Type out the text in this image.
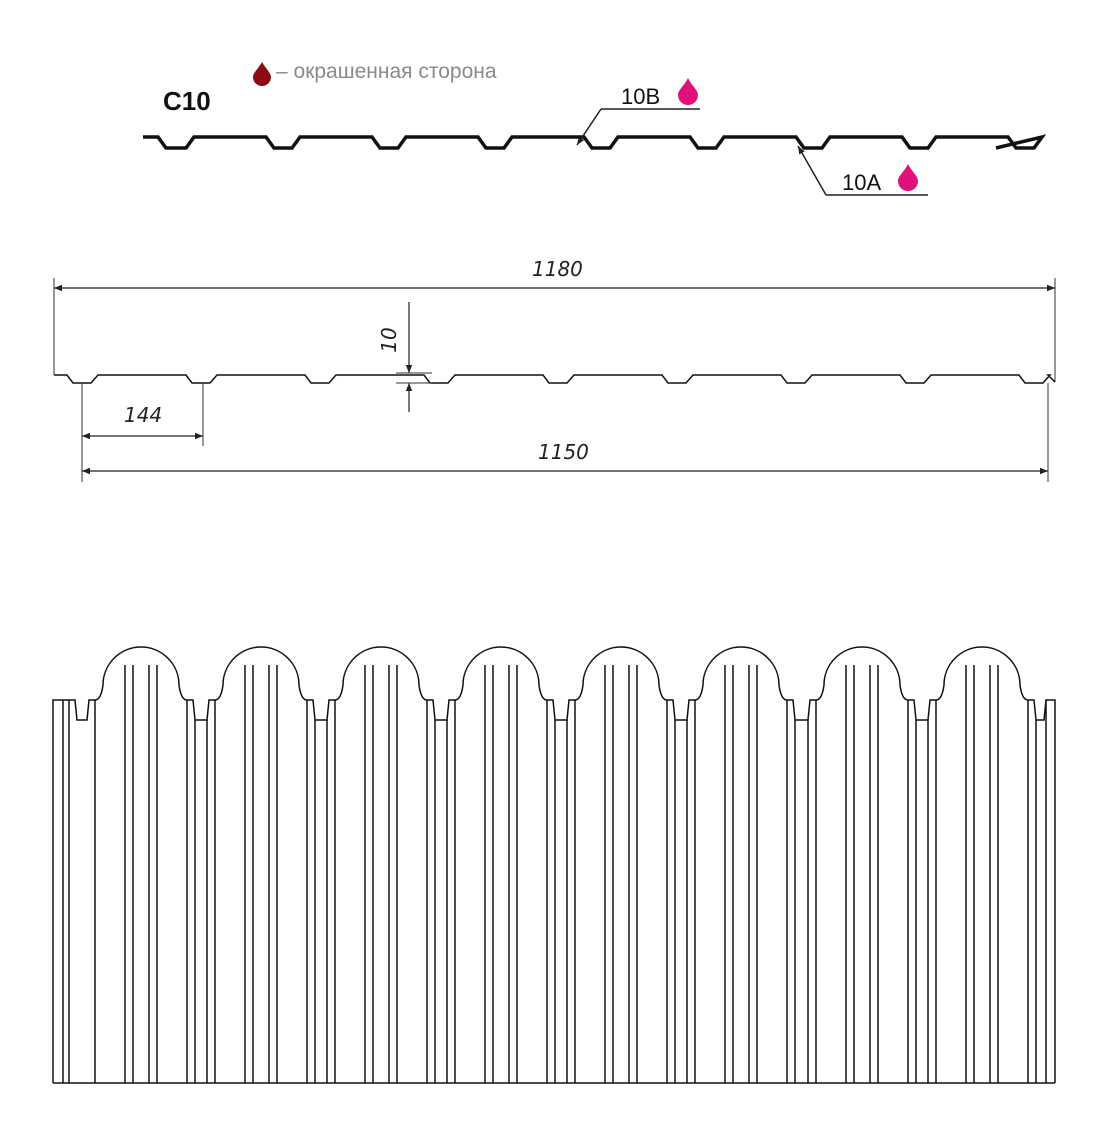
C10
– окрашенная сторона
10B
10A
1180
10
144
1150
